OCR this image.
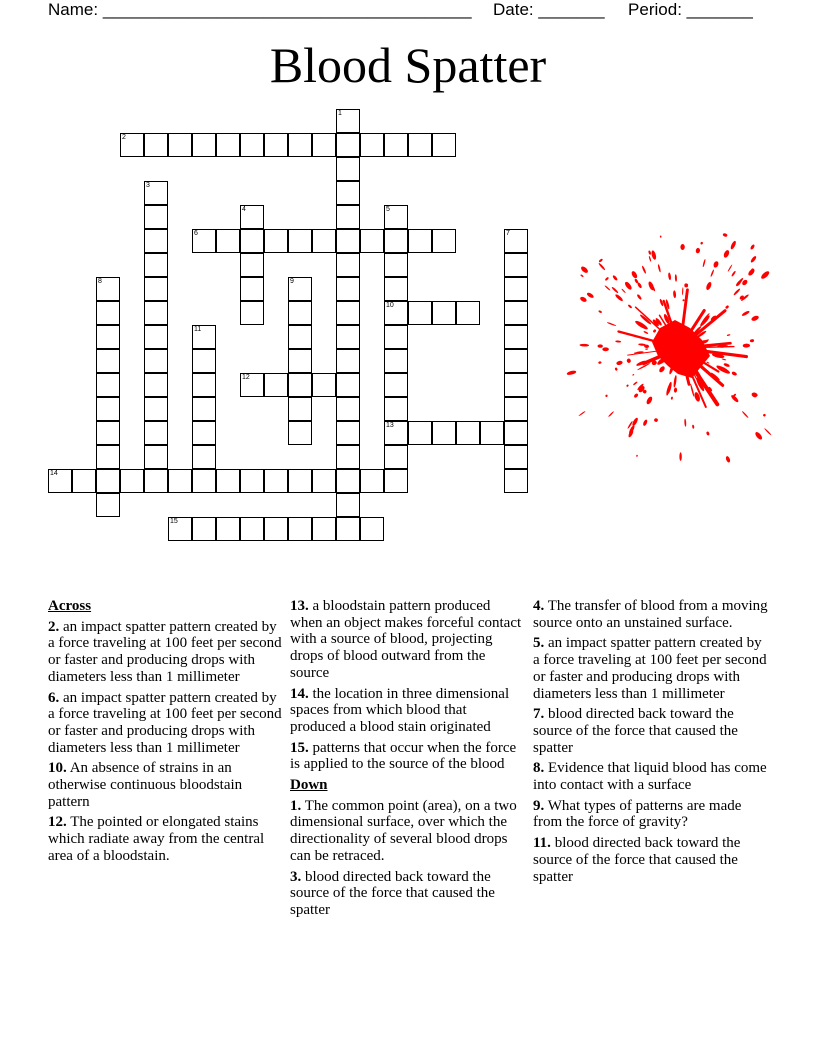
Name: _______________________________________ Date: _______ Period: _______
Blood Spatter
1
2
3
4	5
10
13
6	7
8	9
11
12
14
15
Across
2. an impact spatter pattern created by a force traveling at 100 feet per second or faster and producing drops with diameters less than 1 millimeter
6. an impact spatter pattern created by a force traveling at 100 feet per second or faster and producing drops with diameters less than 1 millimeter
10. An absence of strains in an otherwise continuous bloodstain pattern
12. The pointed or elongated stains which radiate away from the central area of a bloodstain.
13. a bloodstain pattern produced when an object makes forceful contact with a source of blood, projecting drops of blood outward from the source
14. the location in three dimensional spaces from which blood that produced a blood stain originated
15. patterns that occur when the force is applied to the source of the blood
Down
1. The common point (area), on a two dimensional surface, over which the directionality of several blood drops can be retraced.
3. blood directed back toward the source of the force that caused the spatter
4. The transfer of blood from a moving source onto an unstained surface.
5. an impact spatter pattern created by a force traveling at 100 feet per second or faster and producing drops with diameters less than 1 millimeter
7. blood directed back toward the source of the force that caused the spatter
8. Evidence that liquid blood has come into contact with a surface
9. What types of patterns are made from the force of gravity?
11. blood directed back toward the source of the force that caused the spatter
